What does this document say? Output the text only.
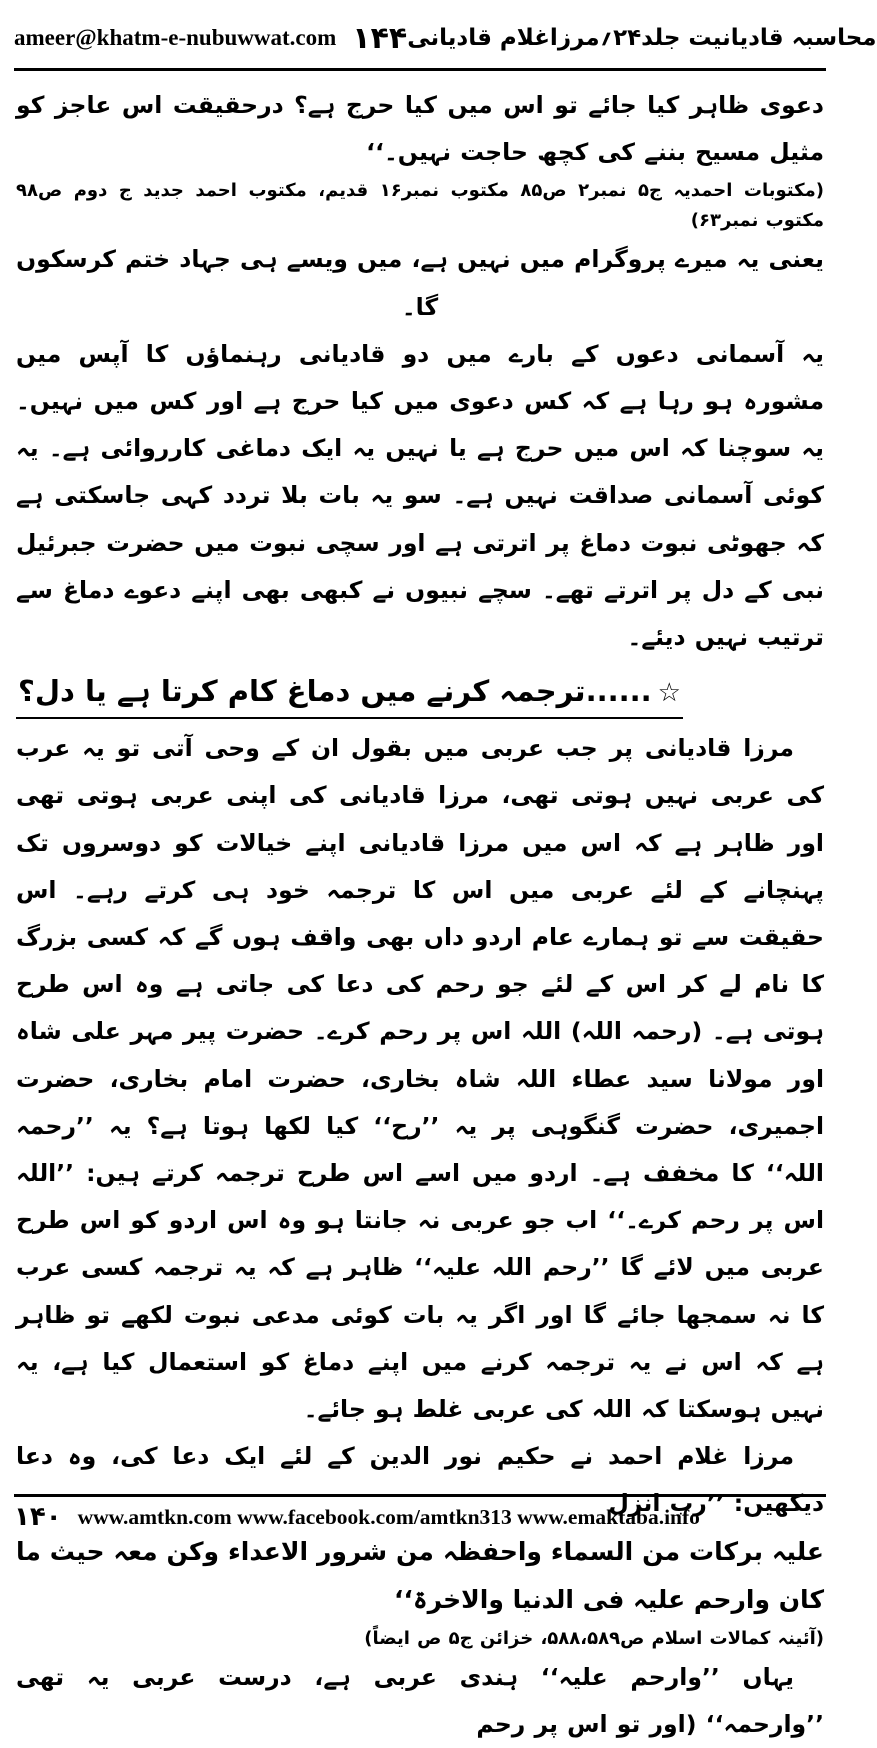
ameer@khatm-e-nubuwwat.com ۱۴۴ محاسبہ قادیانیت جلد۲۴؍مرزاغلام قادیانی

دعوی ظاہر کیا جائے تو اس میں کیا حرج ہے؟ درحقیقت اس عاجز کو مثیل مسیح بننے کی کچھ حاجت نہیں۔‘‘

(مکتوبات احمدیہ ج۵ نمبر۲ ص۸۵ مکتوب نمبر۱۶ قدیم، مکتوب احمد جدید ج دوم ص۹۸ مکتوب نمبر۶۳)

یعنی یہ میرے پروگرام میں نہیں ہے، میں ویسے ہی جہاد ختم کرسکوں گا۔

یہ آسمانی دعوں کے بارے میں دو قادیانی رہنماؤں کا آپس میں مشورہ ہو رہا ہے کہ کس دعوی میں کیا حرج ہے اور کس میں نہیں۔ یہ سوچنا کہ اس میں حرج ہے یا نہیں یہ ایک دماغی کارروائی ہے۔ یہ کوئی آسمانی صداقت نہیں ہے۔ سو یہ بات بلا تردد کہی جاسکتی ہے کہ جھوٹی نبوت دماغ پر اترتی ہے اور سچی نبوت میں حضرت جبرئیل نبی کے دل پر اترتے تھے۔ سچے نبیوں نے کبھی بھی اپنے دعوے دماغ سے ترتیب نہیں دیئے۔

☆......ترجمہ کرنے میں دماغ کام کرتا ہے یا دل؟

مرزا قادیانی پر جب عربی میں بقول ان کے وحی آتی تو یہ عرب کی عربی نہیں ہوتی تھی، مرزا قادیانی کی اپنی عربی ہوتی تھی اور ظاہر ہے کہ اس میں مرزا قادیانی اپنے خیالات کو دوسروں تک پہنچانے کے لئے عربی میں اس کا ترجمہ خود ہی کرتے رہے۔ اس حقیقت سے تو ہمارے عام اردو داں بھی واقف ہوں گے کہ کسی بزرگ کا نام لے کر اس کے لئے جو رحم کی دعا کی جاتی ہے وہ اس طرح ہوتی ہے۔ (رحمہ اللہ) اللہ اس پر رحم کرے۔ حضرت پیر مہر علی شاہ اور مولانا سید عطاء اللہ شاہ بخاری، حضرت امام بخاری، حضرت اجمیری، حضرت گنگوہی پر یہ ’’رح‘‘ کیا لکھا ہوتا ہے؟ یہ ’’رحمہ اللہ‘‘ کا مخفف ہے۔ اردو میں اسے اس طرح ترجمہ کرتے ہیں: ’’اللہ اس پر رحم کرے۔‘‘ اب جو عربی نہ جانتا ہو وہ اس اردو کو اس طرح عربی میں لائے گا ’’رحم اللہ علیہ‘‘ ظاہر ہے کہ یہ ترجمہ کسی عرب کا نہ سمجھا جائے گا اور اگر یہ بات کوئی مدعی نبوت لکھے تو ظاہر ہے کہ اس نے یہ ترجمہ کرنے میں اپنے دماغ کو استعمال کیا ہے، یہ نہیں ہوسکتا کہ اللہ کی عربی غلط ہو جائے۔

مرزا غلام احمد نے حکیم نور الدین کے لئے ایک دعا کی، وہ دعا دیکھیں: ’’رب انزل

علیہ برکات من السماء واحفظہ من شرور الاعداء وکن معہ حیث ما کان وارحم علیہ فی الدنیا والاخرۃ‘‘

(آئینہ کمالات اسلام ص۵۸۸،۵۸۹، خزائن ج۵ ص ایضاً)

یہاں ’’وارحم علیہ‘‘ ہندی عربی ہے، درست عربی یہ تھی ’’وارحمہ‘‘ (اور تو اس پر رحم

۱۴۰ www.amtkn.com www.facebook.com/amtkn313 www.emaktaba.info
